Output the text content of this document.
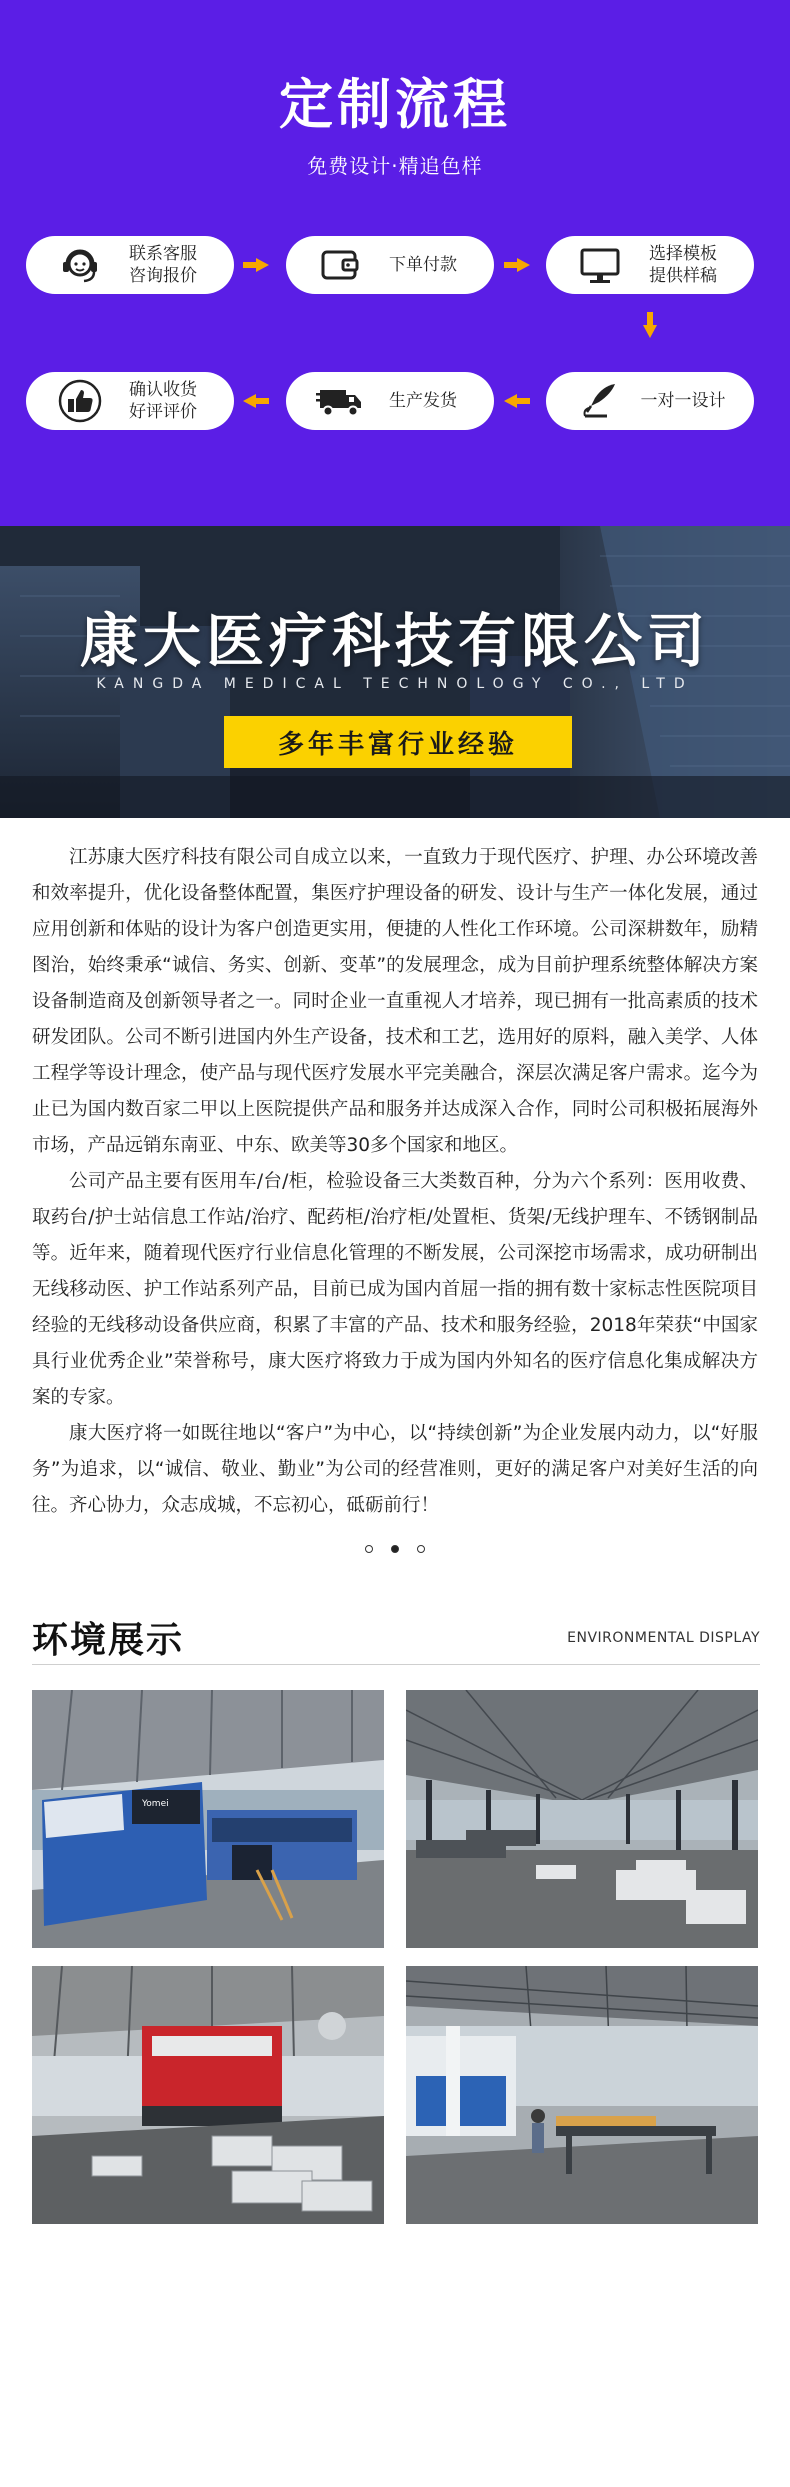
定制流程
免费设计·精追色样
联系客服
咨询报价
下单付款
选择模板
提供样稿
确认收货
好评评价
生产发货	一对一设计
康大医疗科技有限公司
KANGDA MEDICAL TECHNOLOGY CO., LTD
多年丰富行业经验

江苏康大医疗科技有限公司自成立以来，一直致力于现代医疗、护理、办公环境改善和效率提升，优化设备整体配置，集医疗护理设备的研发、设计与生产一体化发展，通过应用创新和体贴的设计为客户创造更实用，便捷的人性化工作环境。公司深耕数年，励精图治，始终秉承“诚信、务实、创新、变革”的发展理念，成为目前护理系统整体解决方案设备制造商及创新领导者之一。同时企业一直重视人才培养，现已拥有一批高素质的技术研发团队。公司不断引进国内外生产设备，技术和工艺，选用好的原料，融入美学、人体工程学等设计理念，使产品与现代医疗发展水平完美融合，深层次满足客户需求。迄今为止已为国内数百家二甲以上医院提供产品和服务并达成深入合作，同时公司积极拓展海外市场，产品远销东南亚、中东、欧美等30多个国家和地区。

公司产品主要有医用车/台/柜，检验设备三大类数百种，分为六个系列：医用收费、取药台/护士站信息工作站/治疗、配药柜/治疗柜/处置柜、货架/无线护理车、不锈钢制品等。近年来，随着现代医疗行业信息化管理的不断发展，公司深挖市场需求，成功研制出无线移动医、护工作站系列产品，目前已成为国内首屈一指的拥有数十家标志性医院项目经验的无线移动设备供应商，积累了丰富的产品、技术和服务经验，2018年荣获“中国家具行业优秀企业”荣誉称号，康大医疗将致力于成为国内外知名的医疗信息化集成解决方案的专家。

康大医疗将一如既往地以“客户”为中心，以“持续创新”为企业发展内动力，以“好服务”为追求，以“诚信、敬业、勤业”为公司的经营准则，更好的满足客户对美好生活的向往。齐心协力，众志成城，不忘初心，砥砺前行！

环境展示	ENVIRONMENTAL DISPLAY
Yomei
